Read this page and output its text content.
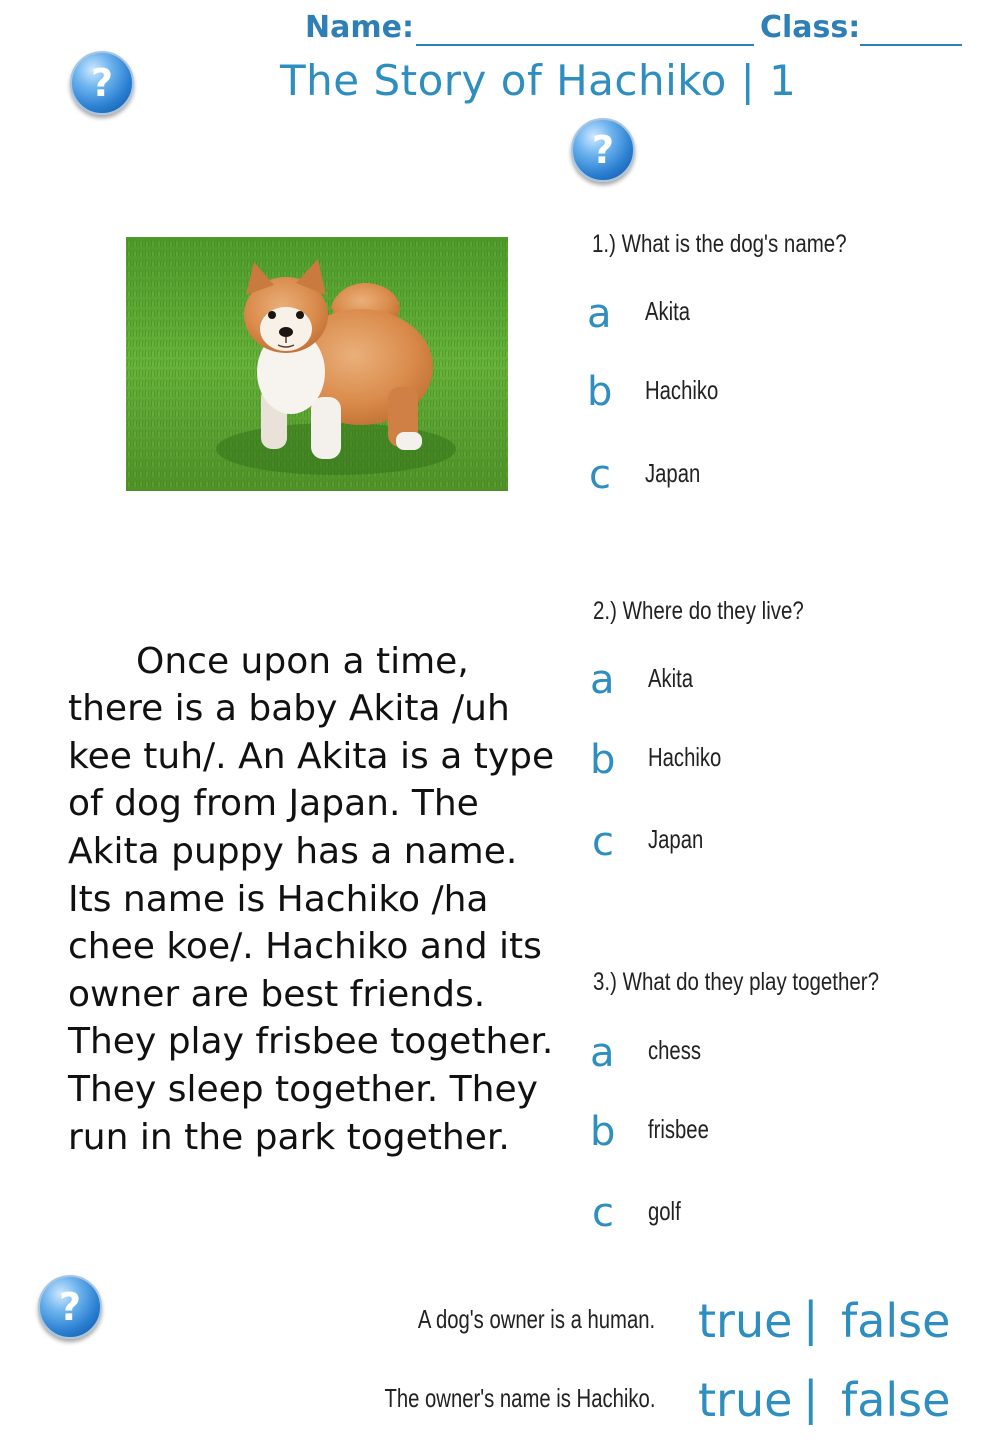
Name:	Class:
The Story of Hachiko | 1
?
?
?

Once upon a time, there is a baby Akita /uh kee tuh/. An Akita is a type of dog from Japan. The Akita puppy has a name. Its name is Hachiko /ha chee koe/. Hachiko and its owner are best friends. They play frisbee together. They sleep together. They run in the park together.

1.) What is the dog's name?
a Akita
b Hachiko
c Japan
2.) Where do they live?
a Akita
b Hachiko
c Japan
3.) What do they play together?
a chess
b frisbee
c golf
A dog's owner is a human. true | false
The owner's name is Hachiko. true | false
